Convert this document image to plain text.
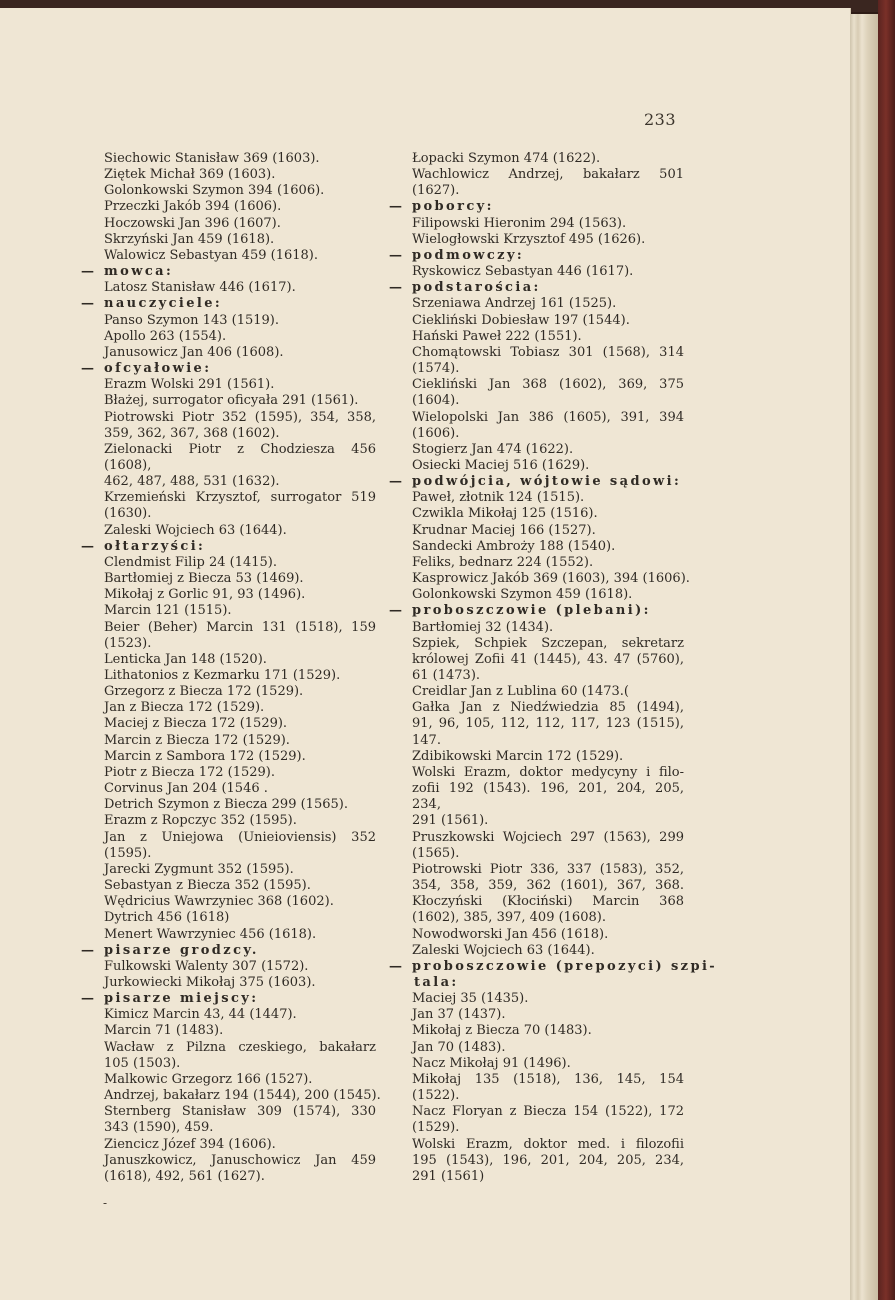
233
-
Siechowic Stanisław 369 (1603).
Ziętek Michał 369 (1603).
Golonkowski Szymon 394 (1606).
Przeczki Jakób 394 (1606).
Hoczowski Jan 396 (1607).
Skrzyński Jan 459 (1618).
Walowicz Sebastyan 459 (1618).
— mowca:
Latosz Stanisław 446 (1617).
— nauczyciele:
Panso Szymon 143 (1519).
Apollo 263 (1554).
Janusowicz Jan 406 (1608).
— ofcyałowie:
Erazm Wolski 291 (1561).
Błażej, surrogator oficyała 291 (1561).
Piotrowski Piotr 352 (1595), 354, 358,
359, 362, 367, 368 (1602).
Zielonacki Piotr z Chodziesza 456 (1608),
462, 487, 488, 531 (1632).
Krzemieński Krzysztof, surrogator 519
(1630).
Zaleski Wojciech 63 (1644).
— ołtarzyści:
Clendmist Filip 24 (1415).
Bartłomiej z Biecza 53 (1469).
Mikołaj z Gorlic 91, 93 (1496).
Marcin 121 (1515).
Beier (Beher) Marcin 131 (1518), 159
(1523).
Lenticka Jan 148 (1520).
Lithatonios z Kezmarku 171 (1529).
Grzegorz z Biecza 172 (1529).
Jan z Biecza 172 (1529).
Maciej z Biecza 172 (1529).
Marcin z Biecza 172 (1529).
Marcin z Sambora 172 (1529).
Piotr z Biecza 172 (1529).
Corvinus Jan 204 (1546 .
Detrich Szymon z Biecza 299 (1565).
Erazm z Ropczyc 352 (1595).
Jan z Uniejowa (Unieioviensis) 352
(1595).
Jarecki Zygmunt 352 (1595).
Sebastyan z Biecza 352 (1595).
Wędricius Wawrzyniec 368 (1602).
Dytrich 456 (1618)
Menert Wawrzyniec 456 (1618).
— pisarze grodzcy.
Fulkowski Walenty 307 (1572).
Jurkowiecki Mikołaj 375 (1603).
— pisarze miejscy:
Kimicz Marcin 43, 44 (1447).
Marcin 71 (1483).
Wacław z Pilzna czeskiego, bakałarz
105 (1503).
Malkowic Grzegorz 166 (1527).
Andrzej, bakałarz 194 (1544), 200 (1545).
Sternberg Stanisław 309 (1574), 330
343 (1590), 459.
Ziencicz Józef 394 (1606).
Januszkowicz, Januschowicz Jan 459
(1618), 492, 561 (1627).
Łopacki Szymon 474 (1622).
Wachlowicz Andrzej, bakałarz 501
(1627).
— poborcy:
Filipowski Hieronim 294 (1563).
Wielogłowski Krzysztof 495 (1626).
— podmowczy:
Ryskowicz Sebastyan 446 (1617).
— podstarościa:
Srzeniawa Andrzej 161 (1525).
Ciekliński Dobiesław 197 (1544).
Hański Paweł 222 (1551).
Chomątowski Tobiasz 301 (1568), 314
(1574).
Ciekliński Jan 368 (1602), 369, 375
(1604).
Wielopolski Jan 386 (1605), 391, 394
(1606).
Stogierz Jan 474 (1622).
Osiecki Maciej 516 (1629).
— podwójcia, wójtowie sądowi:
Paweł, złotnik 124 (1515).
Czwikla Mikołaj 125 (1516).
Krudnar Maciej 166 (1527).
Sandecki Ambroży 188 (1540).
Feliks, bednarz 224 (1552).
Kasprowicz Jakób 369 (1603), 394 (1606).
Golonkowski Szymon 459 (1618).
— proboszczowie (plebani):
Bartłomiej 32 (1434).
Szpiek, Schpiek Szczepan, sekretarz
królowej Zofii 41 (1445), 43. 47 (5760),
61 (1473).
Creidlar Jan z Lublina 60 (1473.(
Gałka Jan z Niedźwiedzia 85 (1494),
91, 96, 105, 112, 112, 117, 123 (1515),
147.
Zdibikowski Marcin 172 (1529).
Wolski Erazm, doktor medycyny i filo-
zofii 192 (1543). 196, 201, 204, 205, 234,
291 (1561).
Pruszkowski Wojciech 297 (1563), 299
(1565).
Piotrowski Piotr 336, 337 (1583), 352,
354, 358, 359, 362 (1601), 367, 368.
Kłoczyński (Kłociński) Marcin 368
(1602), 385, 397, 409 (1608).
Nowodworski Jan 456 (1618).
Zaleski Wojciech 63 (1644).
— proboszczowie (prepozyci) szpi-
tala:
Maciej 35 (1435).
Jan 37 (1437).
Mikołaj z Biecza 70 (1483).
Jan 70 (1483).
Nacz Mikołaj 91 (1496).
Mikołaj 135 (1518), 136, 145, 154
(1522).
Nacz Floryan z Biecza 154 (1522), 172
(1529).
Wolski Erazm, doktor med. i filozofii
195 (1543), 196, 201, 204, 205, 234,
291 (1561)
